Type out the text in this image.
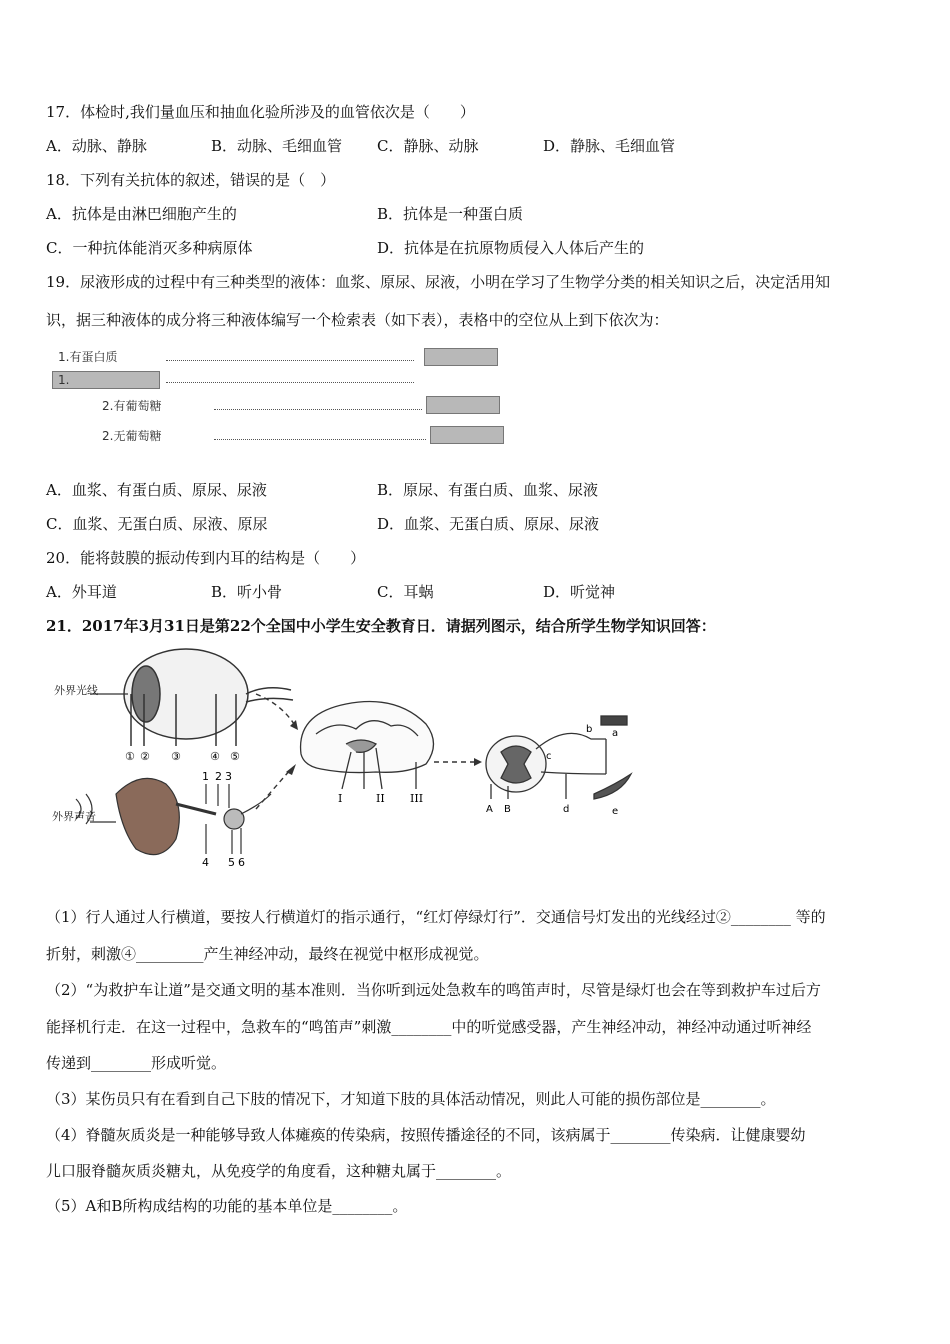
17．体检时,我们量血压和抽血化验所涉及的血管依次是（　　）
A．动脉、静脉	B．动脉、毛细血管 C．静脉、动脉	D．静脉、毛细血管
18．下列有关抗体的叙述，错误的是（　）
A．抗体是由淋巴细胞产生的	B．抗体是一种蛋白质
C．一种抗体能消灭多种病原体	D．抗体是在抗原物质侵入人体后产生的
19．尿液形成的过程中有三种类型的液体：血浆、原尿、尿液，小明在学习了生物学分类的相关知识之后，决定活用知
识，据三种液体的成分将三种液体编写一个检索表（如下表），表格中的空位从上到下依次为：
1.有蛋白质
1.
2.有葡萄糖
2.无葡萄糖
A．血浆、有蛋白质、原尿、尿液	B．原尿、有蛋白质、血浆、尿液
C．血浆、无蛋白质、尿液、原尿	D．血浆、无蛋白质、原尿、尿液
20．能将鼓膜的振动传到内耳的结构是（　　）
A．外耳道	B．听小骨	C．耳蜗	D．听觉神
21．2017年3月31日是第22个全国中小学生安全教育日．请据列图示，结合所学生物学知识回答：
外界光线
① ② ③	④ ⑤
外界声音
1 2 3
4 5 6
I	II III
A B	d
c
b a
e
（1）行人通过人行横道，要按人行横道灯的指示通行，“红灯停绿灯行”．交通信号灯发出的光线经过②________ 等的
折射，刺激④_________产生神经冲动，最终在视觉中枢形成视觉。
（2）“为救护车让道”是交通文明的基本准则．当你听到远处急救车的鸣笛声时，尽管是绿灯也会在等到救护车过后方
能择机行走．在这一过程中，急救车的“鸣笛声”刺激________中的听觉感受器，产生神经冲动，神经冲动通过听神经
传递到________形成听觉。
（3）某伤员只有在看到自己下肢的情况下，才知道下肢的具体活动情况，则此人可能的损伤部位是________。
（4）脊髓灰质炎是一种能够导致人体瘫痪的传染病，按照传播途径的不同，该病属于________传染病．让健康婴幼
儿口服脊髓灰质炎糖丸，从免疫学的角度看，这种糖丸属于________。
（5）A和B所构成结构的功能的基本单位是________。
